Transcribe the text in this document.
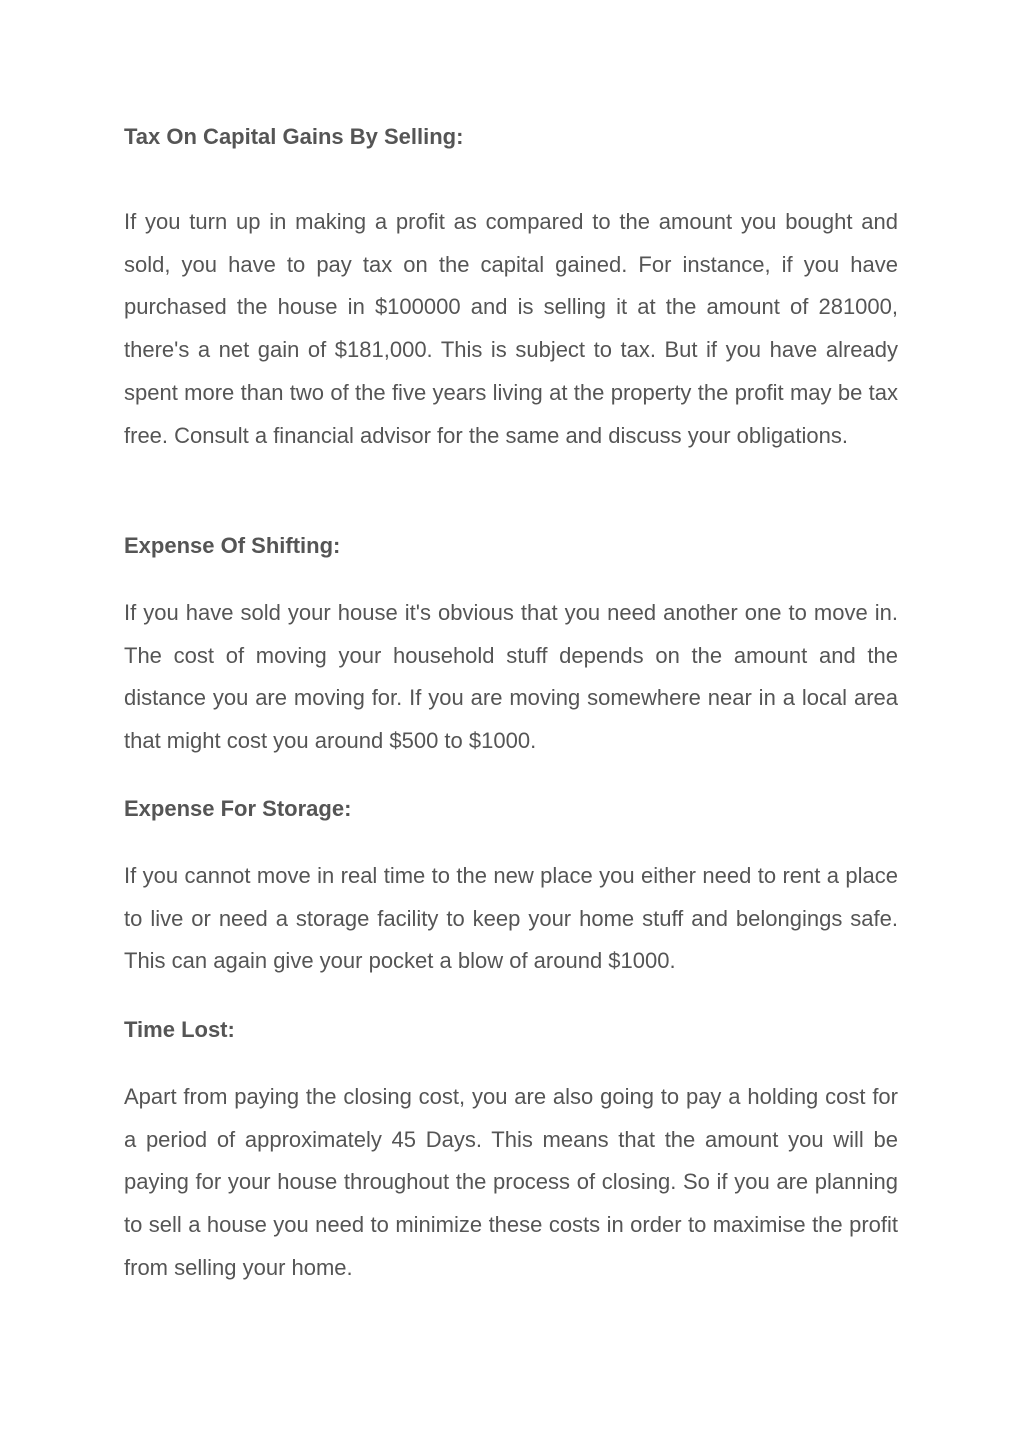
Tax On Capital Gains By Selling:

If you turn up in making a profit as compared to the amount you bought and sold, you have to pay tax on the capital gained. For instance, if you have purchased the house in $100000 and is selling it at the amount of 281000, there's a net gain of $181,000. This is subject to tax. But if you have already spent more than two of the five years living at the property the profit may be tax free. Consult a financial advisor for the same and discuss your obligations.

Expense Of Shifting:

If you have sold your house it's obvious that you need another one to move in. The cost of moving your household stuff depends on the amount and the distance you are moving for. If you are moving somewhere near in a local area that might cost you around $500 to $1000.

Expense For Storage:

If you cannot move in real time to the new place you either need to rent a place to live or need a storage facility to keep your home stuff and belongings safe. This can again give your pocket a blow of around $1000.

Time Lost:

Apart from paying the closing cost, you are also going to pay a holding cost for a period of approximately 45 Days. This means that the amount you will be paying for your house throughout the process of closing. So if you are planning to sell a house you need to minimize these costs in order to maximise the profit from selling your home.
